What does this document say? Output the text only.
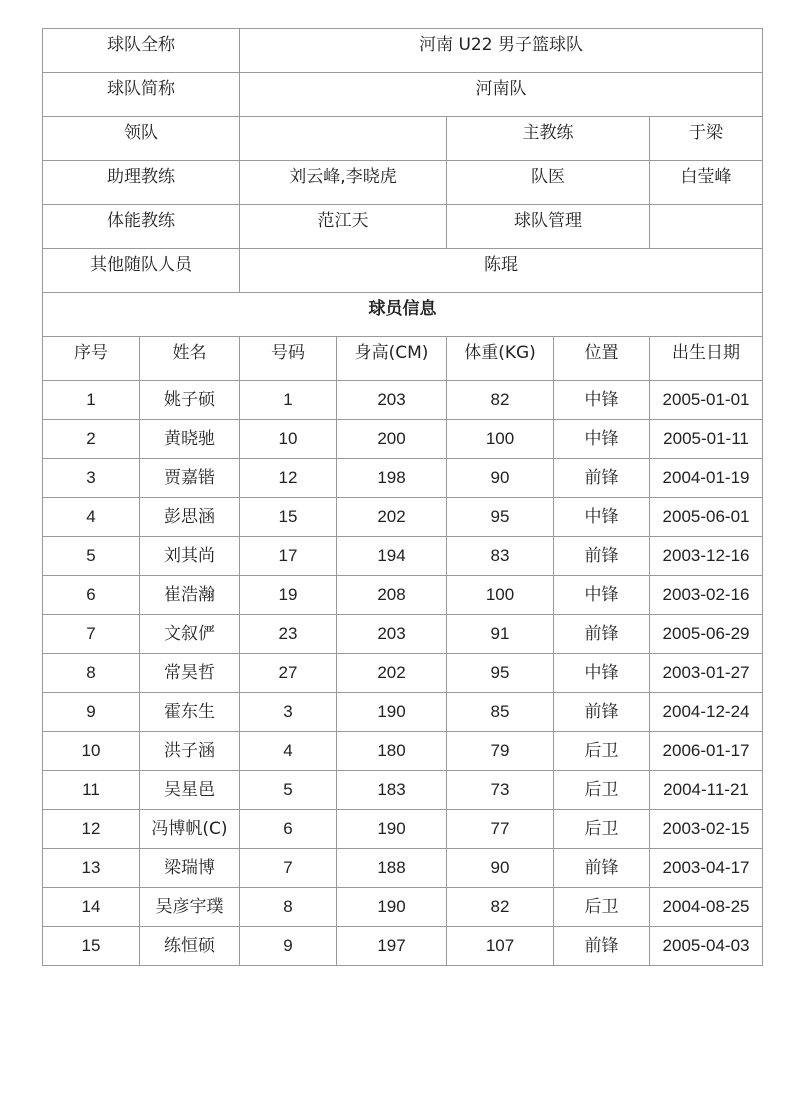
球队全称		河南 U22 男子篮球队				
球队简称		河南队				
领队				主教练		于梁
助理教练		刘云峰,李晓虎		队医		白莹峰
体能教练		范江天		球队管理		
其他随队人员		陈琨				
球员信息						
序号	姓名	号码	身高(CM)	体重(KG)	位置	出生日期
1	姚子硕	1	203	82	中锋	2005-01-01
2	黄晓驰	10	200	100	中锋	2005-01-11
3	贾嘉锴	12	198	90	前锋	2004-01-19
4	彭思涵	15	202	95	中锋	2005-06-01
5	刘其尚	17	194	83	前锋	2003-12-16
6	崔浩瀚	19	208	100	中锋	2003-02-16
7	文叙俨	23	203	91	前锋	2005-06-29
8	常昊哲	27	202	95	中锋	2003-01-27
9	霍东生	3	190	85	前锋	2004-12-24
10	洪子涵	4	180	79	后卫	2006-01-17
11	吴星邑	5	183	73	后卫	2004-11-21
12	冯博帆(C)	6	190	77	后卫	2003-02-15
13	梁瑞博	7	188	90	前锋	2003-04-17
14	吴彦宇璞	8	190	82	后卫	2004-08-25
15	练恒硕	9	197	107	前锋	2005-04-03
